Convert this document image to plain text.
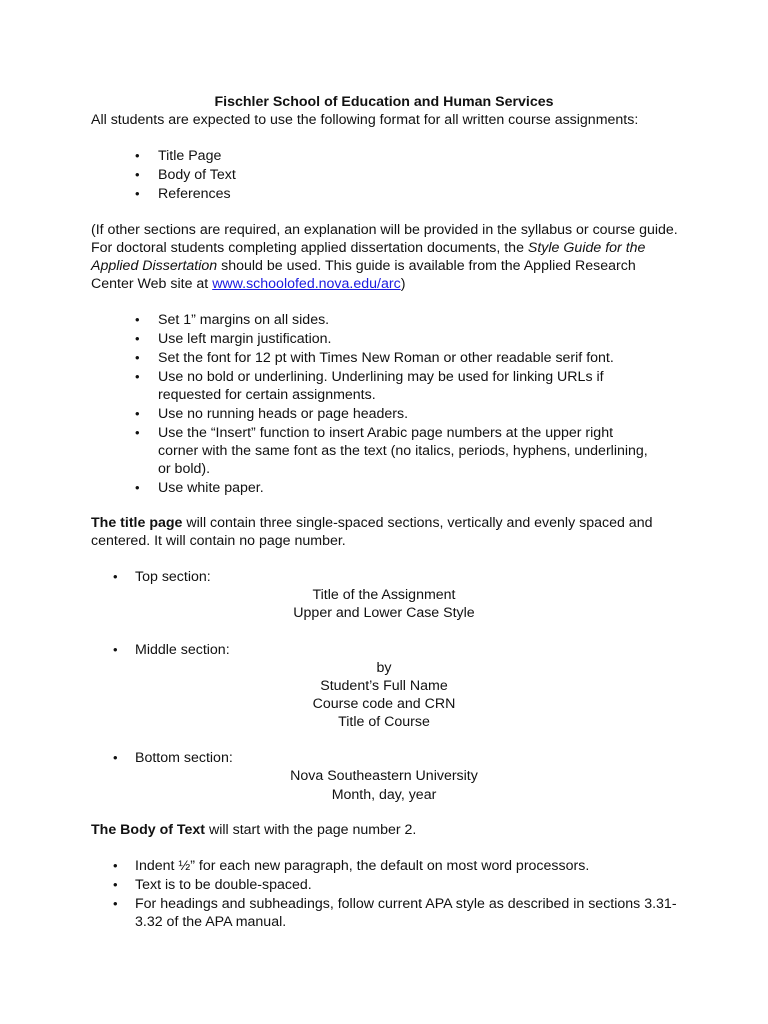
Fischler School of Education and Human Services
All students are expected to use the following format for all written course assignments:
• Title Page
• Body of Text
• References
(If other sections are required, an explanation will be provided in the syllabus or course guide. For doctoral students completing applied dissertation documents, the Style Guide for the Applied Dissertation should be used. This guide is available from the Applied Research Center Web site at www.schoolofed.nova.edu/arc)
• Set 1” margins on all sides.
• Use left margin justification.
• Set the font for 12 pt with Times New Roman or other readable serif font.
• Use no bold or underlining. Underlining may be used for linking URLs if requested for certain assignments.
• Use no running heads or page headers.
• Use the “Insert” function to insert Arabic page numbers at the upper right corner with the same font as the text (no italics, periods, hyphens, underlining, or bold).
• Use white paper.
The title page will contain three single-spaced sections, vertically and evenly spaced and centered. It will contain no page number.
• Top section:
Title of the Assignment
Upper and Lower Case Style
• Middle section:
by
Student’s Full Name
Course code and CRN
Title of Course
• Bottom section:
Nova Southeastern University
Month, day, year
The Body of Text will start with the page number 2.
• Indent ½” for each new paragraph, the default on most word processors.
• Text is to be double-spaced.
• For headings and subheadings, follow current APA style as described in sections 3.31-3.32 of the APA manual.
